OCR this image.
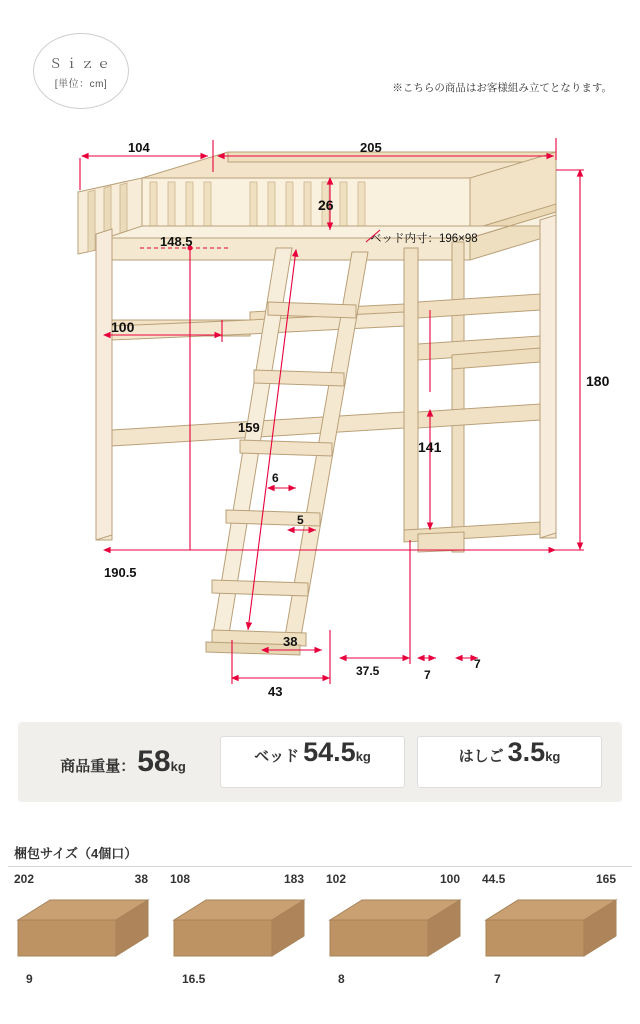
Ｓｉｚｅ
[単位：cm]	※こちらの商品はお客様組み立てとなります。
104	205
26
148.5
100
180
159
141
190.5
6
5
38
43
37.5	7
7
ベッド内寸：196×98
商品重量： 58 kg
ベッド 54.5 kg	はしご 3.5 kg
梱包サイズ（4個口）
202	38
9
108	183
16.5
102	100
8
44.5	165
7
